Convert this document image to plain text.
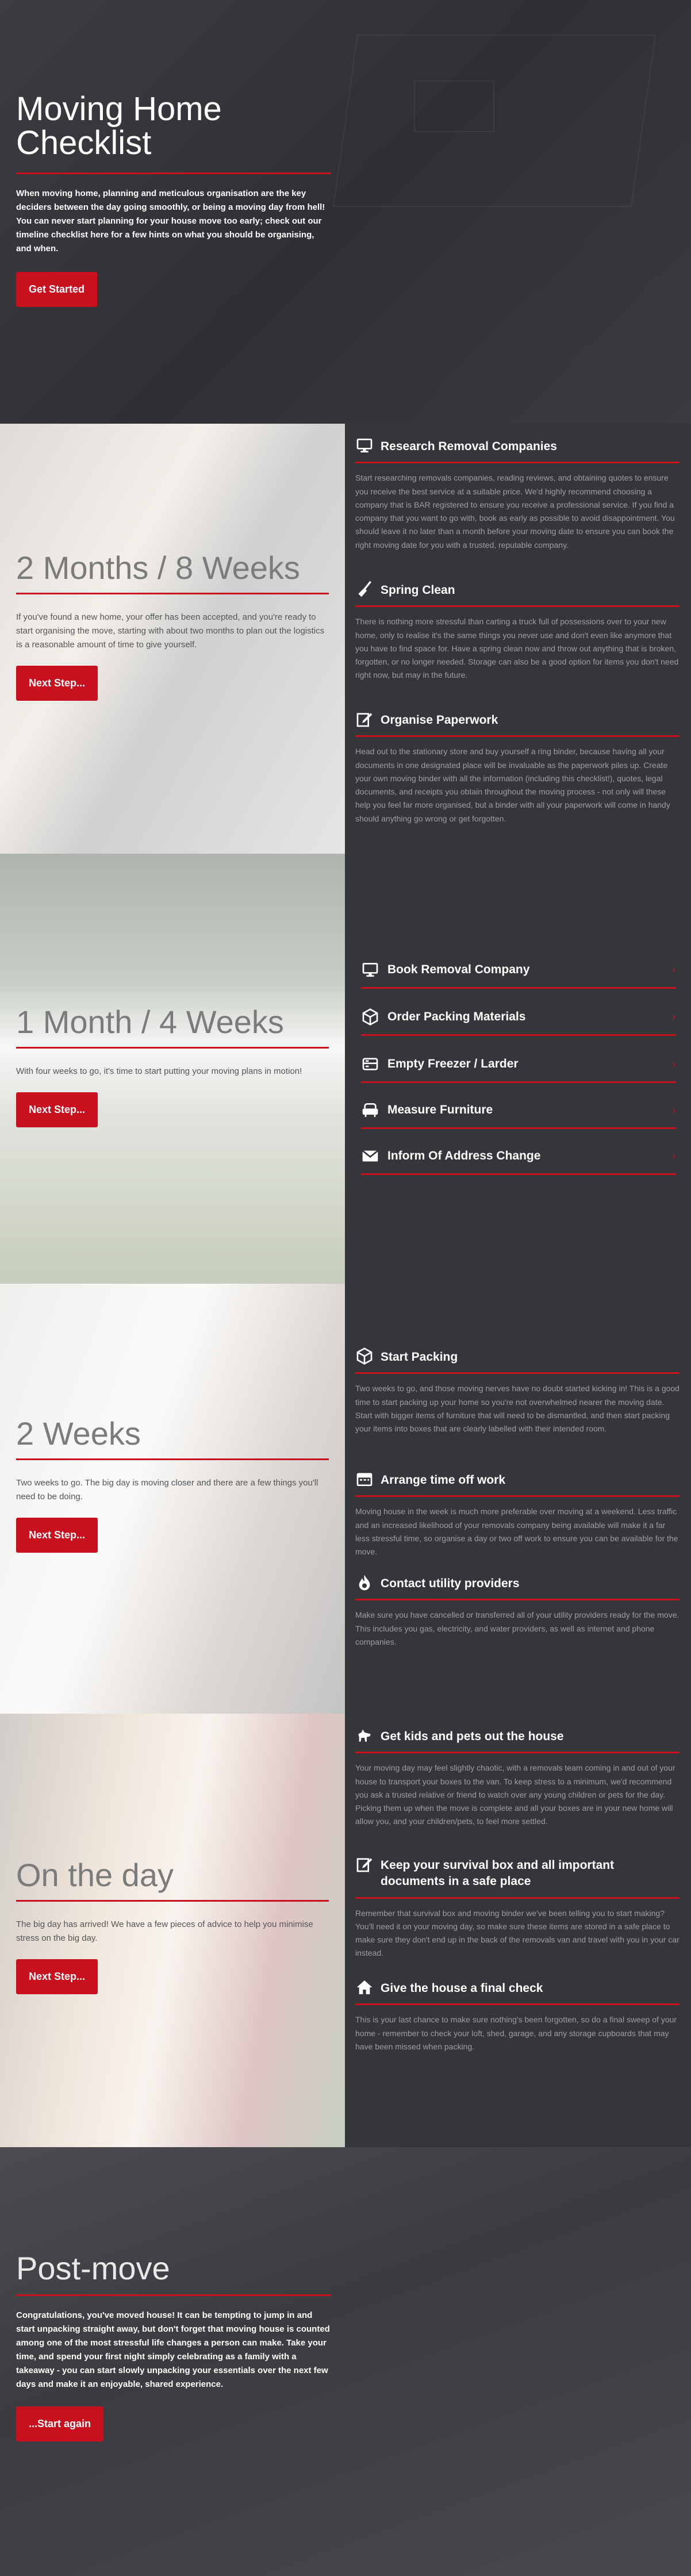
Moving Home Checklist

When moving home, planning and meticulous organisation are the key deciders between the day going smoothly, or being a moving day from hell! You can never start planning for your house move too early; check out our timeline checklist here for a few hints on what you should be organising, and when.

Get Started
2 Months / 8 Weeks

If you've found a new home, your offer has been accepted, and you're ready to start organising the move, starting with about two months to plan out the logistics is a reasonable amount of time to give yourself.

Next Step...
Research Removal Companies

Start researching removals companies, reading reviews, and obtaining quotes to ensure you receive the best service at a suitable price. We'd highly recommend choosing a company that is BAR registered to ensure you receive a professional service. If you find a company that you want to go with, book as early as possible to avoid disappointment. You should leave it no later than a month before your moving date to ensure you can book the right moving date for you with a trusted, reputable company.

Spring Clean

There is nothing more stressful than carting a truck full of possessions over to your new home, only to realise it's the same things you never use and don't even like anymore that you have to find space for. Have a spring clean now and throw out anything that is broken, forgotten, or no longer needed. Storage can also be a good option for items you don't need right now, but may in the future.

Organise Paperwork

Head out to the stationary store and buy yourself a ring binder, because having all your documents in one designated place will be invaluable as the paperwork piles up. Create your own moving binder with all the information (including this checklist!), quotes, legal documents, and receipts you obtain throughout the moving process - not only will these help you feel far more organised, but a binder with all your paperwork will come in handy should anything go wrong or get forgotten.

1 Month / 4 Weeks

With four weeks to go, it's time to start putting your moving plans in motion!

Next Step...
Book Removal Company	›
Order Packing Materials	›
Empty Freezer / Larder	›
Measure Furniture	›
Inform Of Address Change	›
2 Weeks

Two weeks to go. The big day is moving closer and there are a few things you'll need to be doing.

Next Step...
Start Packing

Two weeks to go, and those moving nerves have no doubt started kicking in! This is a good time to start packing up your home so you're not overwhelmed nearer the moving date. Start with bigger items of furniture that will need to be dismantled, and then start packing your items into boxes that are clearly labelled with their intended room.

Arrange time off work

Moving house in the week is much more preferable over moving at a weekend. Less traffic and an increased likelihood of your removals company being available will make it a far less stressful time, so organise a day or two off work to ensure you can be available for the move.

Contact utility providers

Make sure you have cancelled or transferred all of your utility providers ready for the move. This includes you gas, electricity, and water providers, as well as internet and phone companies.

On the day

The big day has arrived! We have a few pieces of advice to help you minimise stress on the big day.

Next Step...
Get kids and pets out the house

Your moving day may feel slightly chaotic, with a removals team coming in and out of your house to transport your boxes to the van. To keep stress to a minimum, we'd recommend you ask a trusted relative or friend to watch over any young children or pets for the day. Picking them up when the move is complete and all your boxes are in your new home will allow you, and your children/pets, to feel more settled.

Keep your survival box and all important documents in a safe place

Remember that survival box and moving binder we've been telling you to start making? You'll need it on your moving day, so make sure these items are stored in a safe place to make sure they don't end up in the back of the removals van and travel with you in your car instead.

Give the house a final check

This is your last chance to make sure nothing's been forgotten, so do a final sweep of your home - remember to check your loft, shed, garage, and any storage cupboards that may have been missed when packing.

Post-move

Congratulations, you've moved house! It can be tempting to jump in and start unpacking straight away, but don't forget that moving house is counted among one of the most stressful life changes a person can make. Take your time, and spend your first night simply celebrating as a family with a takeaway - you can start slowly unpacking your essentials over the next few days and make it an enjoyable, shared experience.

...Start again
